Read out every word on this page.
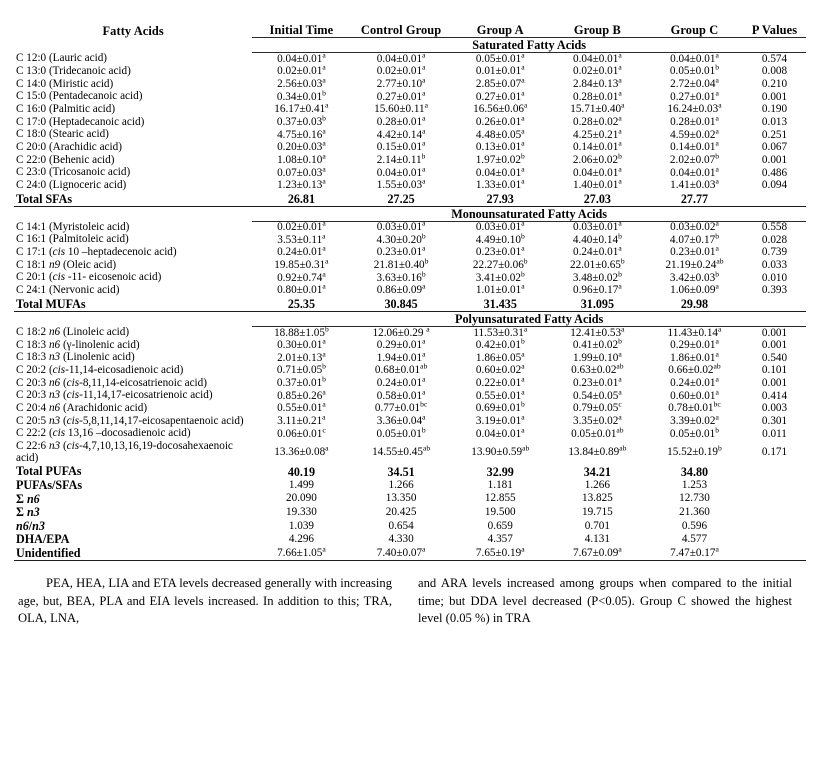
Fatty Acids	Initial Time	Control Group	Group A	Group B	Group C	P Values
	Saturated Fatty Acids					
C 12:0 (Lauric acid)	0.04±0.01$^a$	0.04±0.01$^a$	0.05±0.01$^a$	0.04±0.01$^a$	0.04±0.01$^a$	0.574
C 13:0 (Tridecanoic acid)	0.02±0.01$^a$	0.02±0.01$^a$	0.01±0.01$^a$	0.02±0.01$^a$	0.05±0.01$^b$	0.008
C 14:0 (Miristic acid)	2.56±0.03$^a$	2.77±0.10$^a$	2.85±0.07$^a$	2.84±0.13$^a$	2.72±0.04$^a$	0.210
C 15:0 (Pentadecanoic acid)	0.34±0.01$^b$	0.27±0.01$^a$	0.27±0.01$^a$	0.28±0.01$^a$	0.27±0.01$^a$	0.001
C 16:0 (Palmitic acid)	16.17±0.41$^a$	15.60±0.11$^a$	16.56±0.06$^a$	15.71±0.40$^a$	16.24±0.03$^a$	0.190
C 17:0 (Heptadecanoic acid)	0.37±0.03$^b$	0.28±0.01$^a$	0.26±0.01$^a$	0.28±0.02$^a$	0.28±0.01$^a$	0.013
C 18:0 (Stearic acid)	4.75±0.16$^a$	4.42±0.14$^a$	4.48±0.05$^a$	4.25±0.21$^a$	4.59±0.02$^a$	0.251
C 20:0 (Arachidic acid)	0.20±0.03$^a$	0.15±0.01$^a$	0.13±0.01$^a$	0.14±0.01$^a$	0.14±0.01$^a$	0.067
C 22:0 (Behenic acid)	1.08±0.10$^a$	2.14±0.11$^b$	1.97±0.02$^b$	2.06±0.02$^b$	2.02±0.07$^b$	0.001
C 23:0 (Tricosanoic acid)	0.07±0.03$^a$	0.04±0.01$^a$	0.04±0.01$^a$	0.04±0.01$^a$	0.04±0.01$^a$	0.486
C 24:0 (Lignoceric acid)	1.23±0.13$^a$	1.55±0.03$^a$	1.33±0.01$^a$	1.40±0.01$^a$	1.41±0.03$^a$	0.094
Total SFAs	26.81	27.25	27.93	27.03	27.77	
	Monounsaturated Fatty Acids					
C 14:1 (Myristoleic acid)	0.02±0.01$^a$	0.03±0.01$^a$	0.03±0.01$^a$	0.03±0.01$^a$	0.03±0.02$^a$	0.558
C 16:1 (Palmitoleic acid)	3.53±0.11$^a$	4.30±0.20$^b$	4.49±0.10$^b$	4.40±0.14$^b$	4.07±0.17$^b$	0.028
C 17:1 (cis 10 –heptadecenoic acid)	0.24±0.01$^a$	0.23±0.01$^a$	0.23±0.01$^a$	0.24±0.01$^a$	0.23±0.01$^a$	0.739
C 18:1 n9 (Oleic acid)	19.85±0.31$^a$	21.81±0.40$^b$	22.27±0.06$^b$	22.01±0.65$^b$	21.19±0.24$^{ab}$	0.033
C 20:1 (cis -11- eicosenoic acid)	0.92±0.74$^a$	3.63±0.16$^b$	3.41±0.02$^b$	3.48±0.02$^b$	3.42±0.03$^b$	0.010
C 24:1 (Nervonic acid)	0.80±0.01$^a$	0.86±0.09$^a$	1.01±0.01$^a$	0.96±0.17$^a$	1.06±0.09$^a$	0.393
Total MUFAs	25.35	30.845	31.435	31.095	29.98	
	Polyunsaturated Fatty Acids					
C 18:2 n6 (Linoleic acid)	18.88±1.05$^b$	12.06±0.29 $^a$	11.53±0.31$^a$	12.41±0.53$^a$	11.43±0.14$^a$	0.001
C 18:3 n6 (γ-linolenic acid)	0.30±0.01$^a$	0.29±0.01$^a$	0.42±0.01$^b$	0.41±0.02$^b$	0.29±0.01$^a$	0.001
C 18:3 n3 (Linolenic acid)	2.01±0.13$^a$	1.94±0.01$^a$	1.86±0.05$^a$	1.99±0.10$^a$	1.86±0.01$^a$	0.540
C 20:2 (cis-11,14-eicosadienoic acid)	0.71±0.05$^b$	0.68±0.01$^{ab}$	0.60±0.02$^a$	0.63±0.02$^{ab}$	0.66±0.02$^{ab}$	0.101
C 20:3 n6 (cis-8,11,14-eicosatrienoic acid)	0.37±0.01$^b$	0.24±0.01$^a$	0.22±0.01$^a$	0.23±0.01$^a$	0.24±0.01$^a$	0.001
C 20:3 n3 (cis-11,14,17-eicosatrienoic acid)	0.85±0.26$^a$	0.58±0.01$^a$	0.55±0.01$^a$	0.54±0.05$^a$	0.60±0.01$^a$	0.414
C 20:4 n6 (Arachidonic acid)	0.55±0.01$^a$	0.77±0.01$^{bc}$	0.69±0.01$^b$	0.79±0.05$^c$	0.78±0.01$^{bc}$	0.003
C 20:5 n3 (cis-5,8,11,14,17-eicosapentaenoic acid)	3.11±0.21$^a$	3.36±0.04$^a$	3.19±0.01$^a$	3.35±0.02$^a$	3.39±0.02$^a$	0.301
C 22:2 (cis 13,16 –docosadienoic acid)	0.06±0.01$^c$	0.05±0.01$^b$	0.04±0.01$^a$	0.05±0.01$^{ab}$	0.05±0.01$^b$	0.011
C 22:6 n3 (cis-4,7,10,13,16,19-docosahexaenoic acid)	13.36±0.08$^a$	14.55±0.45$^{ab}$	13.90±0.59$^{ab}$	13.84±0.89$^{ab}$	15.52±0.19$^b$	0.171
Total PUFAs	40.19	34.51	32.99	34.21	34.80	
PUFAs/SFAs	1.499	1.266	1.181	1.266	1.253	
Σ n6	20.090	13.350	12.855	13.825	12.730	
Σ n3	19.330	20.425	19.500	19.715	21.360	
n6/n3	1.039	0.654	0.659	0.701	0.596	
DHA/EPA	4.296	4.330	4.357	4.131	4.577	
Unidentified	7.66±1.05$^a$	7.40±0.07$^a$	7.65±0.19$^a$	7.67±0.09$^a$	7.47±0.17$^a$	
PEA, HEA, LIA and ETA levels decreased generally with increasing age, but, BEA, PLA and EIA levels increased. In addition to this; TRA, OLA, LNA,
and ARA levels increased among groups when compared to the initial time; but DDA level decreased (P<0.05). Group C showed the highest level (0.05 %) in TRA
